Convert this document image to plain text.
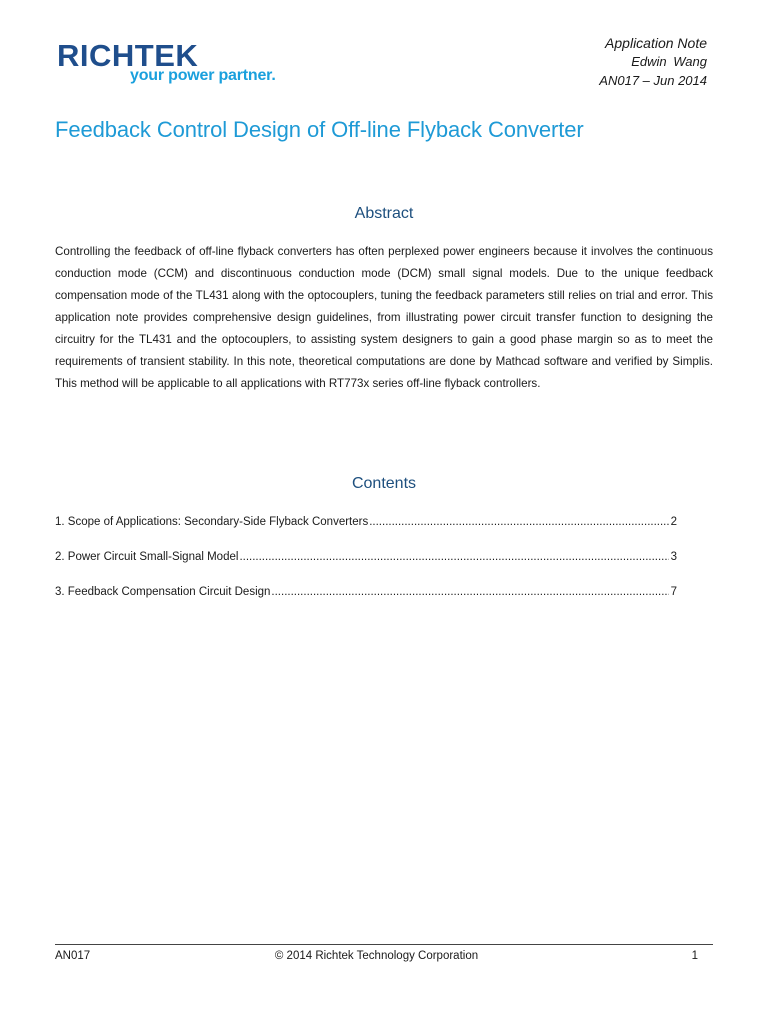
RICHTEK
your power partner.
Application Note
Edwin Wang
AN017 – Jun 2014
Feedback Control Design of Off-line Flyback Converter
Abstract

Controlling the feedback of off-line flyback converters has often perplexed power engineers because it involves the continuous conduction mode (CCM) and discontinuous conduction mode (DCM) small signal models. Due to the unique feedback compensation mode of the TL431 along with the optocouplers, tuning the feedback parameters still relies on trial and error. This application note provides comprehensive design guidelines, from illustrating power circuit transfer function to designing the circuitry for the TL431 and the optocouplers, to assisting system designers to gain a good phase margin so as to meet the requirements of transient stability. In this note, theoretical computations are done by Mathcad software and verified by Simplis. This method will be applicable to all applications with RT773x series off-line flyback controllers.

Contents
1. Scope of Applications: Secondary-Side Flyback Converters .....	2
2. Power Circuit Small-Signal Model .....	3
3. Feedback Compensation Circuit Design .....	7
AN017	© 2014 Richtek Technology Corporation	1
